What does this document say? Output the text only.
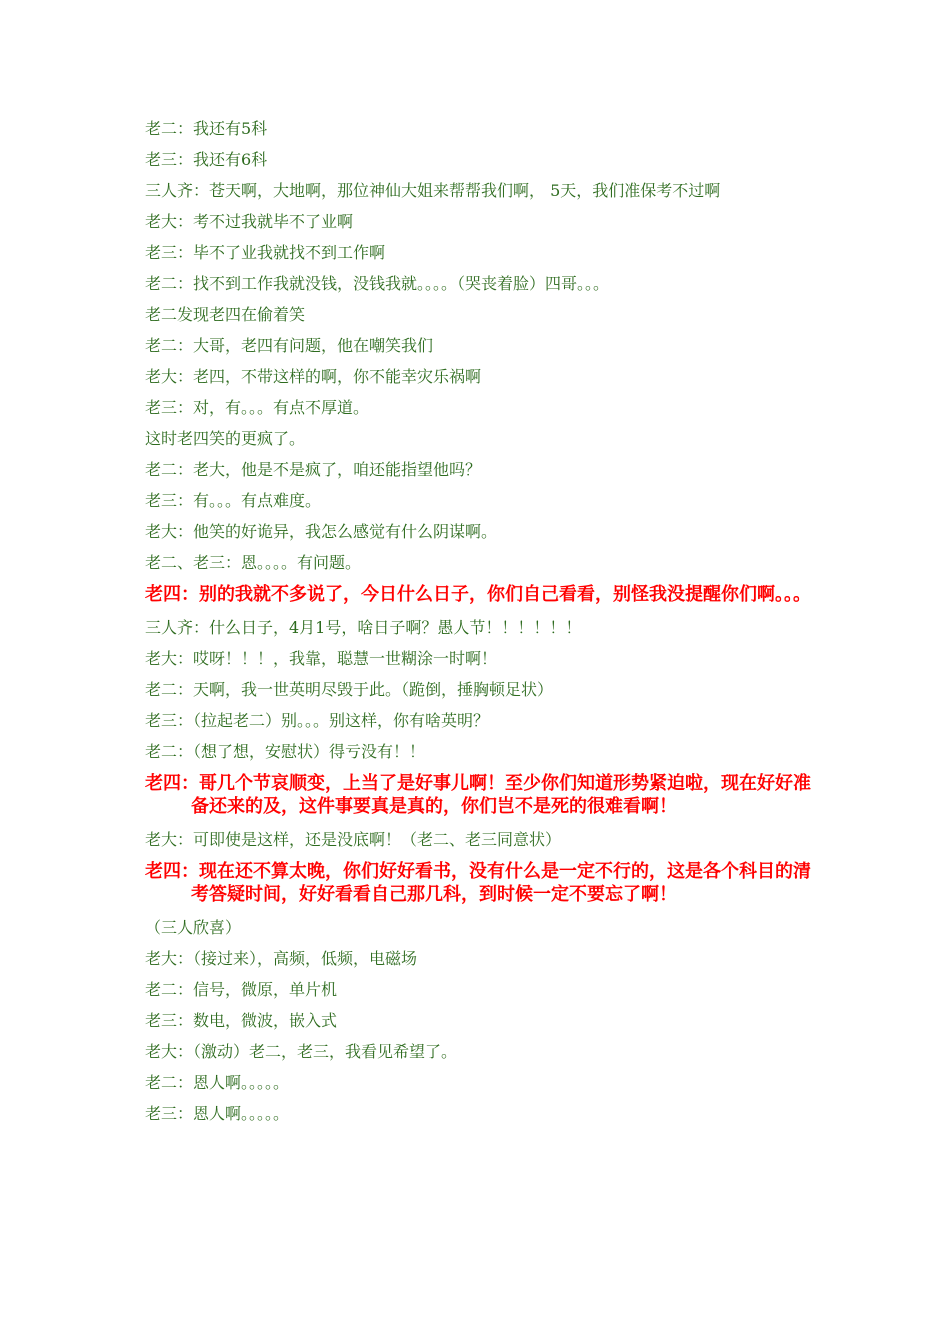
老二：我还有5科
老三：我还有6科
三人齐：苍天啊，大地啊，那位神仙大姐来帮帮我们啊， 5天，我们准保考不过啊
老大：考不过我就毕不了业啊
老三：毕不了业我就找不到工作啊
老二：找不到工作我就没钱，没钱我就。。。。（哭丧着脸）四哥。。。
老二发现老四在偷着笑
老二：大哥，老四有问题，他在嘲笑我们
老大：老四，不带这样的啊，你不能幸灾乐祸啊
老三：对，有。。。有点不厚道。
这时老四笑的更疯了。
老二：老大，他是不是疯了，咱还能指望他吗？
老三：有。。。有点难度。
老大：他笑的好诡异，我怎么感觉有什么阴谋啊。
老二、老三：恩。。。。有问题。
老四：别的我就不多说了，今日什么日子，你们自己看看，别怪我没提醒你们啊。。。
三人齐：什么日子，4月1号，啥日子啊？愚人节！！！！！！
老大：哎呀！！！，我靠，聪慧一世糊涂一时啊！
老二：天啊，我一世英明尽毁于此。（跪倒，捶胸顿足状）
老三：（拉起老二）别。。。别这样，你有啥英明？
老二：（想了想，安慰状）得亏没有！！
老四：哥几个节哀顺变，上当了是好事儿啊！至少你们知道形势紧迫啦，现在好好准备还来的及，这件事要真是真的，你们岂不是死的很难看啊！
老大：可即使是这样，还是没底啊！（老二、老三同意状）
老四：现在还不算太晚，你们好好看书，没有什么是一定不行的，这是各个科目的清考答疑时间，好好看看自己那几科，到时候一定不要忘了啊！
（三人欣喜）
老大：（接过来），高频，低频，电磁场
老二：信号，微原，单片机
老三：数电，微波，嵌入式
老大：（激动）老二，老三，我看见希望了。
老二：恩人啊。。。。。
老三：恩人啊。。。。。
